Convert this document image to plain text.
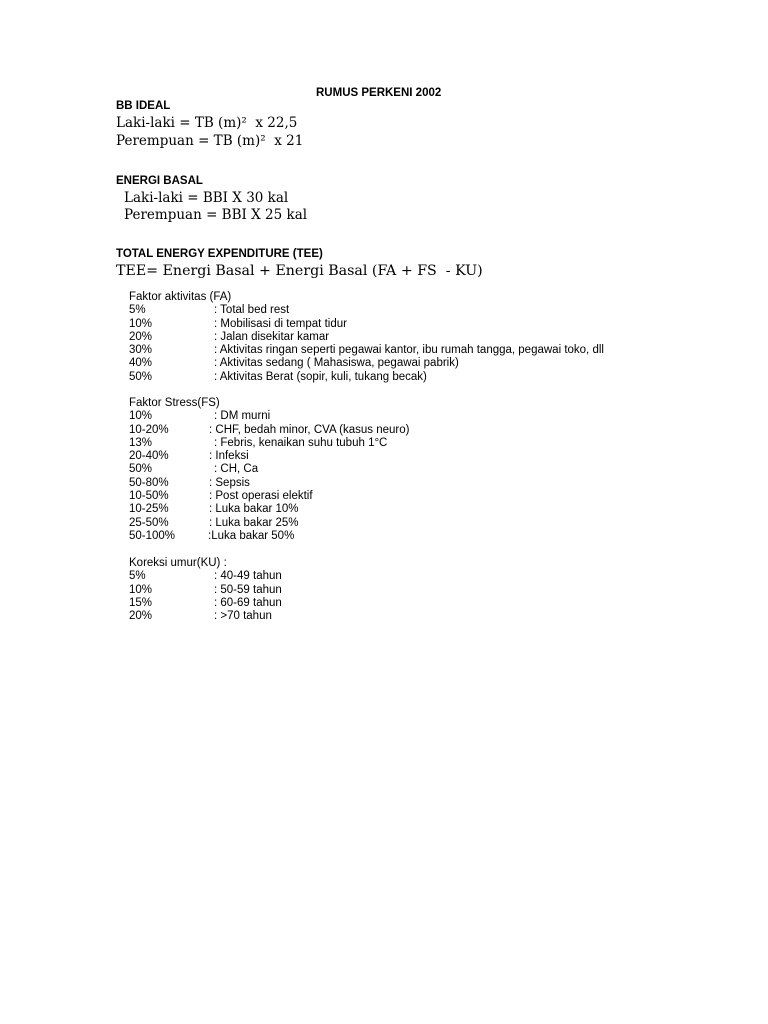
RUMUS PERKENI 2002
BB IDEAL
Laki-laki = TB (m)²  x 22,5
Perempuan = TB (m)²  x 21
ENERGI BASAL
Laki-laki = BBI X 30 kal
Perempuan = BBI X 25 kal
TOTAL ENERGY EXPENDITURE (TEE)
TEE= Energi Basal + Energi Basal (FA + FS  - KU)
Faktor aktivitas (FA)
5%	: Total bed rest
10%	: Mobilisasi di tempat tidur
20%	: Jalan disekitar kamar
30%	: Aktivitas ringan seperti pegawai kantor, ibu rumah tangga, pegawai toko, dll
40%	: Aktivitas sedang ( Mahasiswa, pegawai pabrik)
50%	: Aktivitas Berat (sopir, kuli, tukang becak)
Faktor Stress(FS)
10%	: DM murni
10-20%	: CHF, bedah minor, CVA (kasus neuro)
13%	: Febris, kenaikan suhu tubuh 1°C
20-40%	: Infeksi
50%	: CH, Ca
50-80%	: Sepsis
10-50%	: Post operasi elektif
10-25%	: Luka bakar 10%
25-50%	: Luka bakar 25%
50-100%	:Luka bakar 50%
Koreksi umur(KU) :
5%	: 40-49 tahun
10%	: 50-59 tahun
15%	: 60-69 tahun
20%	: >70 tahun
